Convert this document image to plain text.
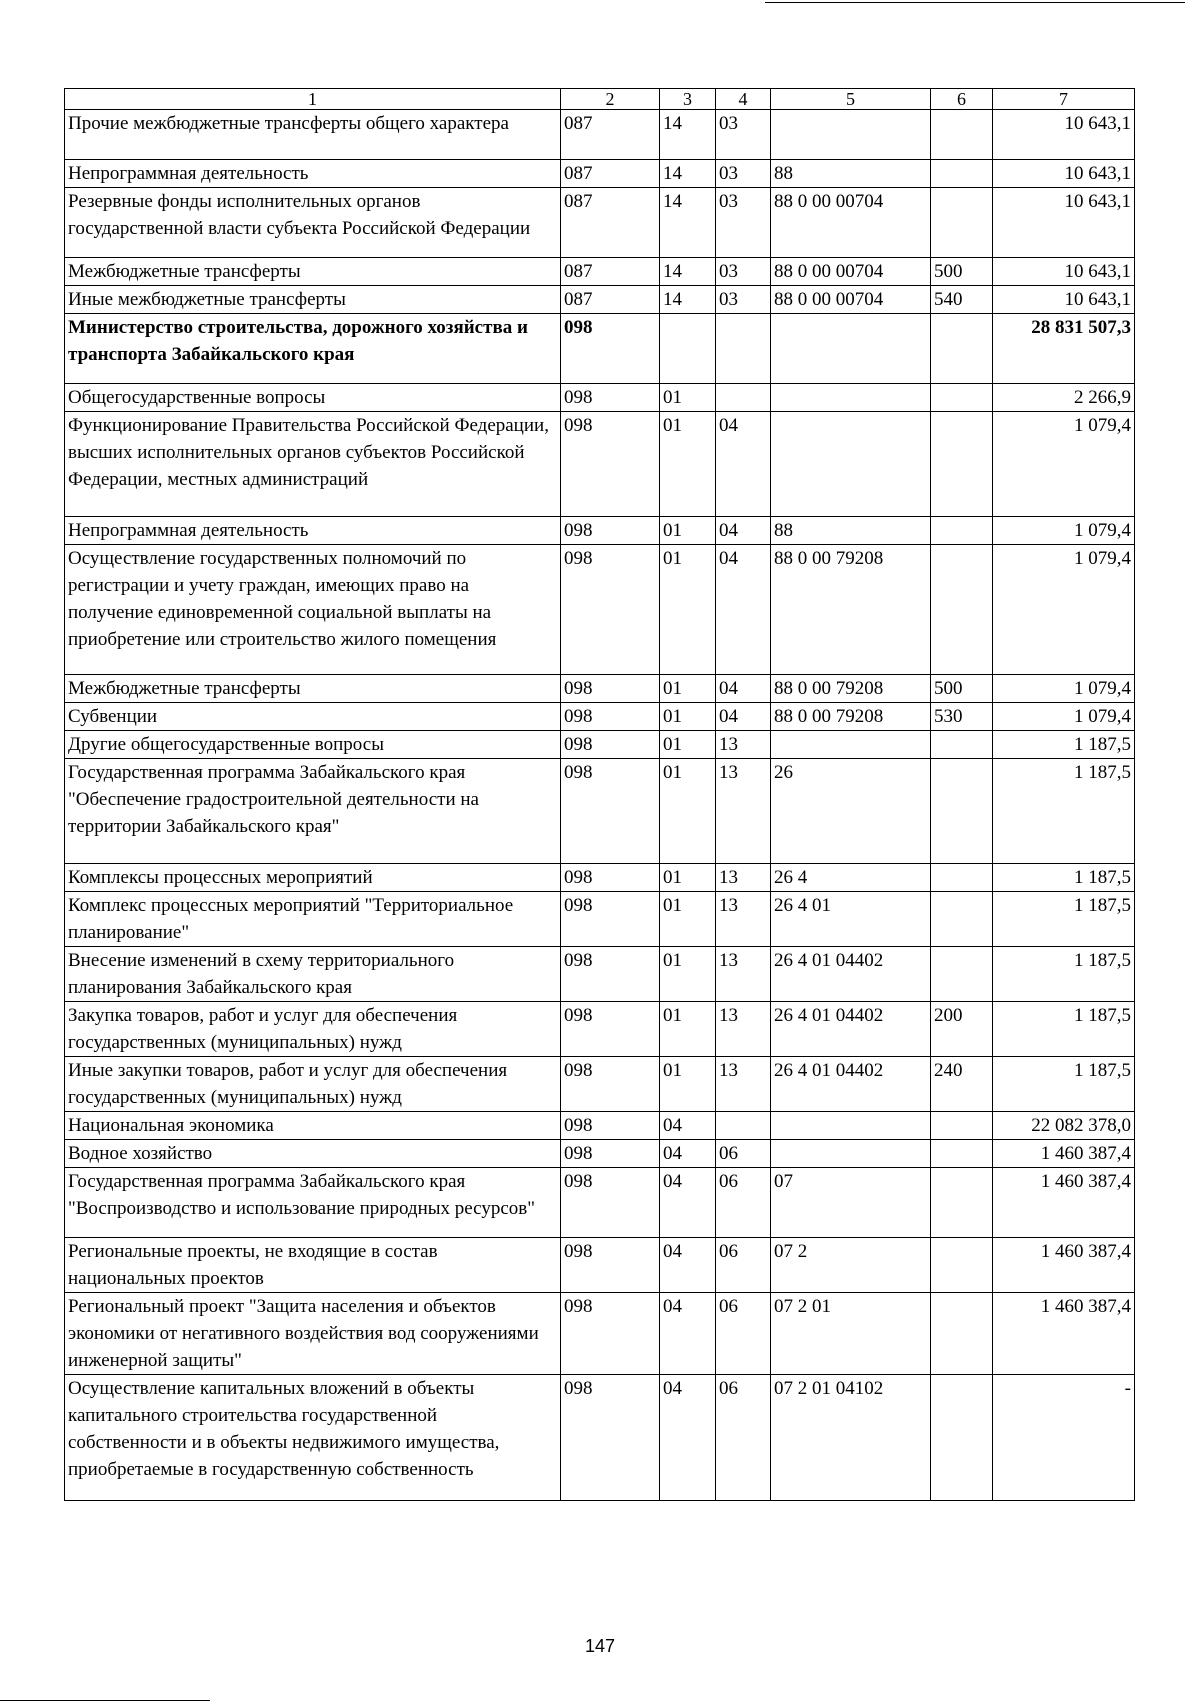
1	2	3	4	5	6	7
Прочие межбюджетные трансферты общего характера	087	14	03			10 643,1
Непрограммная деятельность	087	14	03	88		10 643,1
Резервные фонды исполнительных органов государственной власти субъекта Российской Федерации	087	14	03	88 0 00 00704		10 643,1
Межбюджетные трансферты	087	14	03	88 0 00 00704	500	10 643,1
Иные межбюджетные трансферты	087	14	03	88 0 00 00704	540	10 643,1
Министерство строительства, дорожного хозяйства и транспорта Забайкальского края	098					28 831 507,3
Общегосударственные вопросы	098	01				2 266,9
Функционирование Правительства Российской Федерации, высших исполнительных органов субъектов Российской Федерации, местных администраций	098	01	04			1 079,4
Непрограммная деятельность	098	01	04	88		1 079,4
Осуществление государственных полномочий по регистрации и учету граждан, имеющих право на получение единовременной социальной выплаты на приобретение или строительство жилого помещения	098	01	04	88 0 00 79208		1 079,4
Межбюджетные трансферты	098	01	04	88 0 00 79208	500	1 079,4
Субвенции	098	01	04	88 0 00 79208	530	1 079,4
Другие общегосударственные вопросы	098	01	13			1 187,5
Государственная программа Забайкальского края "Обеспечение градостроительной деятельности на территории Забайкальского края"	098	01	13	26		1 187,5
Комплексы процессных мероприятий	098	01	13	26 4		1 187,5
Комплекс процессных мероприятий "Территориальное планирование"	098	01	13	26 4 01		1 187,5
Внесение изменений в схему территориального планирования Забайкальского края	098	01	13	26 4 01 04402		1 187,5
Закупка товаров, работ и услуг для обеспечения государственных (муниципальных) нужд	098	01	13	26 4 01 04402	200	1 187,5
Иные закупки товаров, работ и услуг для обеспечения государственных (муниципальных) нужд	098	01	13	26 4 01 04402	240	1 187,5
Национальная экономика	098	04				22 082 378,0
Водное хозяйство	098	04	06			1 460 387,4
Государственная программа Забайкальского края "Воспроизводство и использование природных ресурсов"	098	04	06	07		1 460 387,4
Региональные проекты, не входящие в состав национальных проектов	098	04	06	07 2		1 460 387,4
Региональный проект "Защита населения и объектов экономики от негативного воздействия вод сооружениями инженерной защиты"	098	04	06	07 2 01		1 460 387,4
Осуществление капитальных вложений в объекты капитального строительства государственной собственности и в объекты недвижимого имущества, приобретаемые в государственную собственность	098	04	06	07 2 01 04102		-
147
